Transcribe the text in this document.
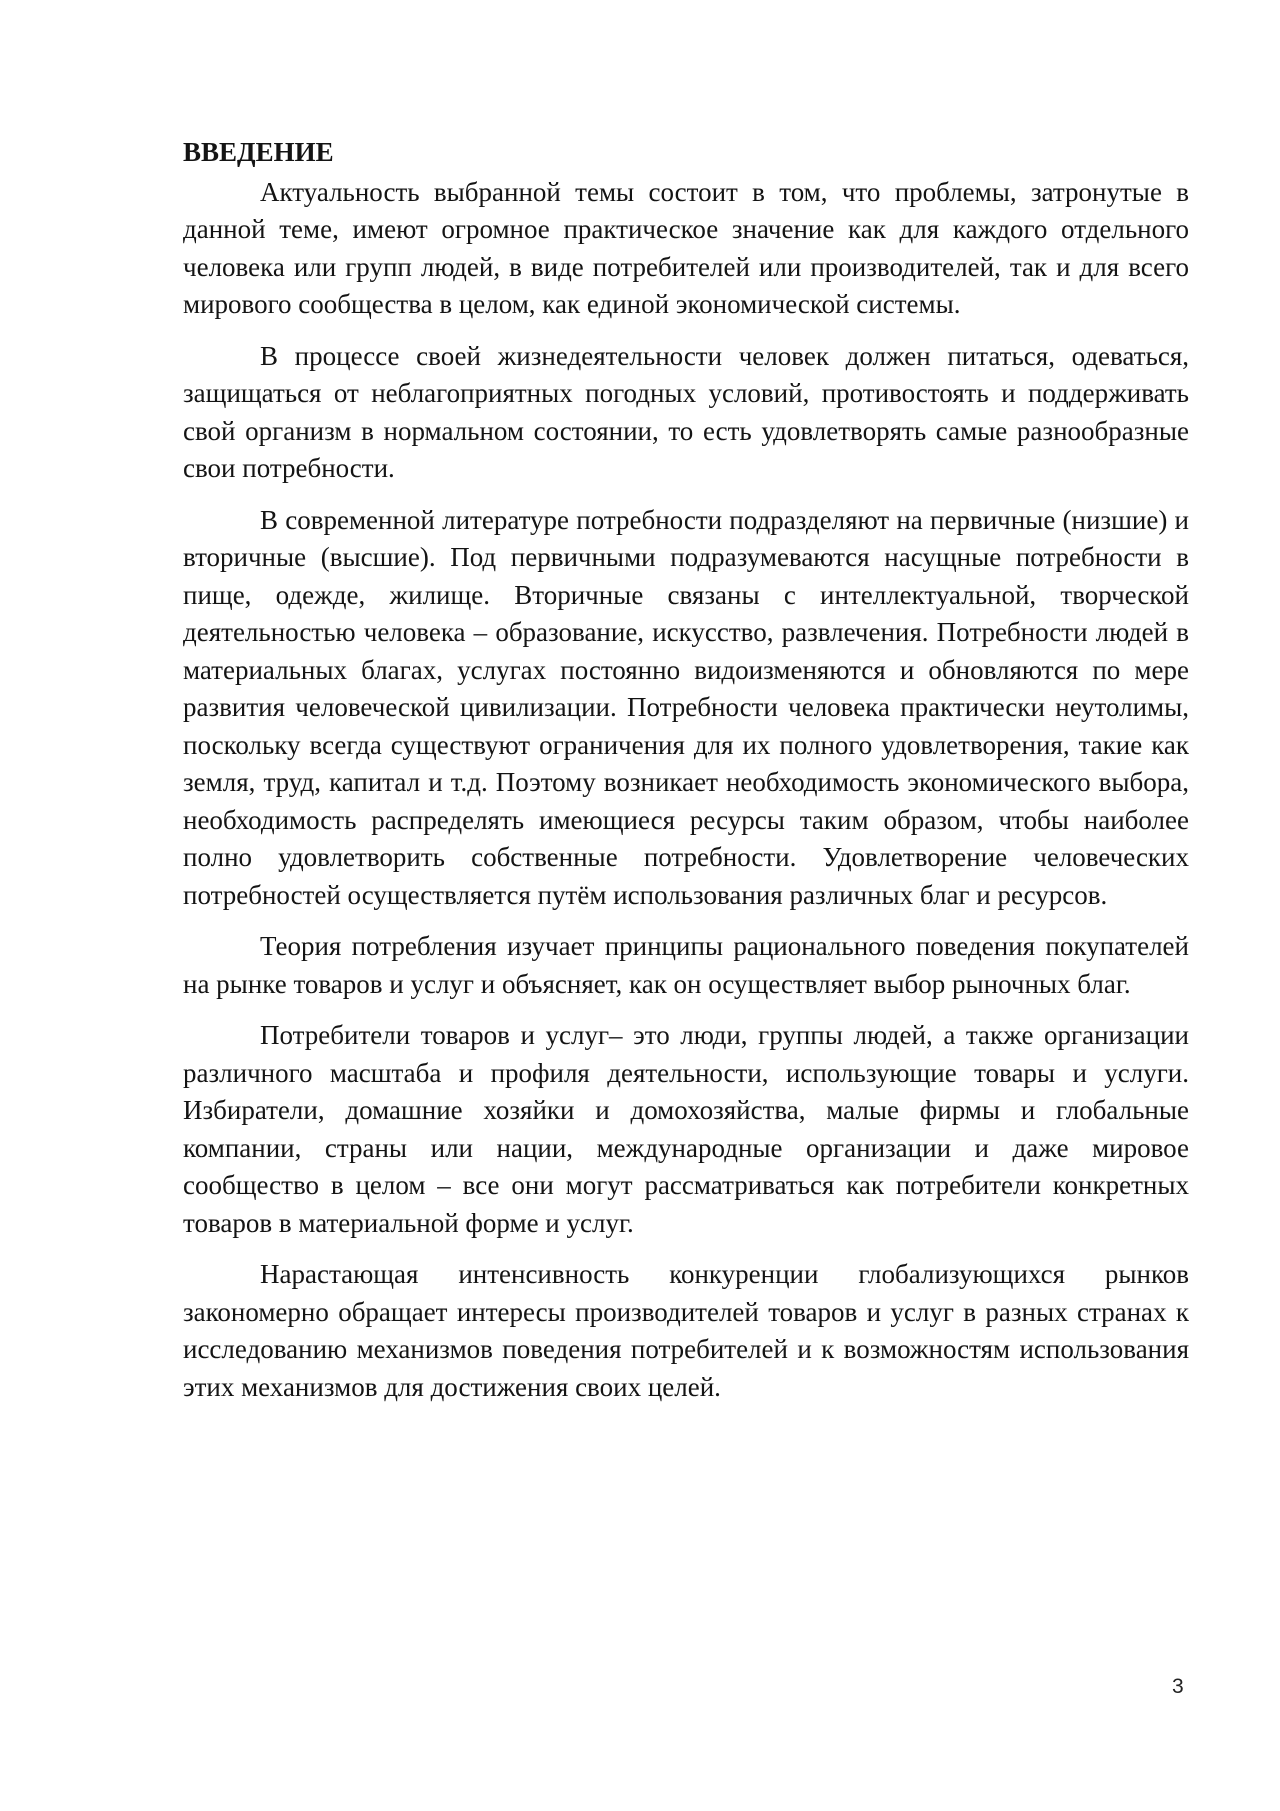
ВВЕДЕНИЕ

Актуальность выбранной темы состоит в том, что проблемы, затронутые в данной теме, имеют огромное практическое значение как для каждого отдельного человека или групп людей, в виде потребителей или производителей, так и для всего мирового сообщества в целом, как единой экономической системы.

В процессе своей жизнедеятельности человек должен питаться, одеваться, защищаться от неблагоприятных погодных условий, противостоять и поддерживать свой организм в нормальном состоянии, то есть удовлетворять самые разнообразные свои потребности.

В современной литературе потребности подразделяют на первичные (низшие) и вторичные (высшие). Под первичными подразумеваются насущные потребности в пище, одежде, жилище. Вторичные связаны с интеллектуальной, творческой деятельностью человека – образование, искусство, развлечения. Потребности людей в материальных благах, услугах постоянно видоизменяются и обновляются по мере развития человеческой цивилизации. Потребности человека практически неутолимы, поскольку всегда существуют ограничения для их полного удовлетворения, такие как земля, труд, капитал и т.д. Поэтому возникает необходимость экономического выбора, необходимость распределять имеющиеся ресурсы таким образом, чтобы наиболее полно удовлетворить собственные потребности. Удовлетворение человеческих потребностей осуществляется путём использования различных благ и ресурсов.

Теория потребления изучает принципы рационального поведения покупателей на рынке товаров и услуг и объясняет, как он осуществляет выбор рыночных благ.

Потребители товаров и услуг– это люди, группы людей, а также организации различного масштаба и профиля деятельности, использующие товары и услуги. Избиратели, домашние хозяйки и домохозяйства, малые фирмы и глобальные компании, страны или нации, международные организации и даже мировое сообщество в целом – все они могут рассматриваться как потребители конкретных товаров в материальной форме и услуг.

Нарастающая интенсивность конкуренции глобализующихся рынков закономерно обращает интересы производителей товаров и услуг в разных странах к исследованию механизмов поведения потребителей и к возможностям использования этих механизмов для достижения своих целей.

3
